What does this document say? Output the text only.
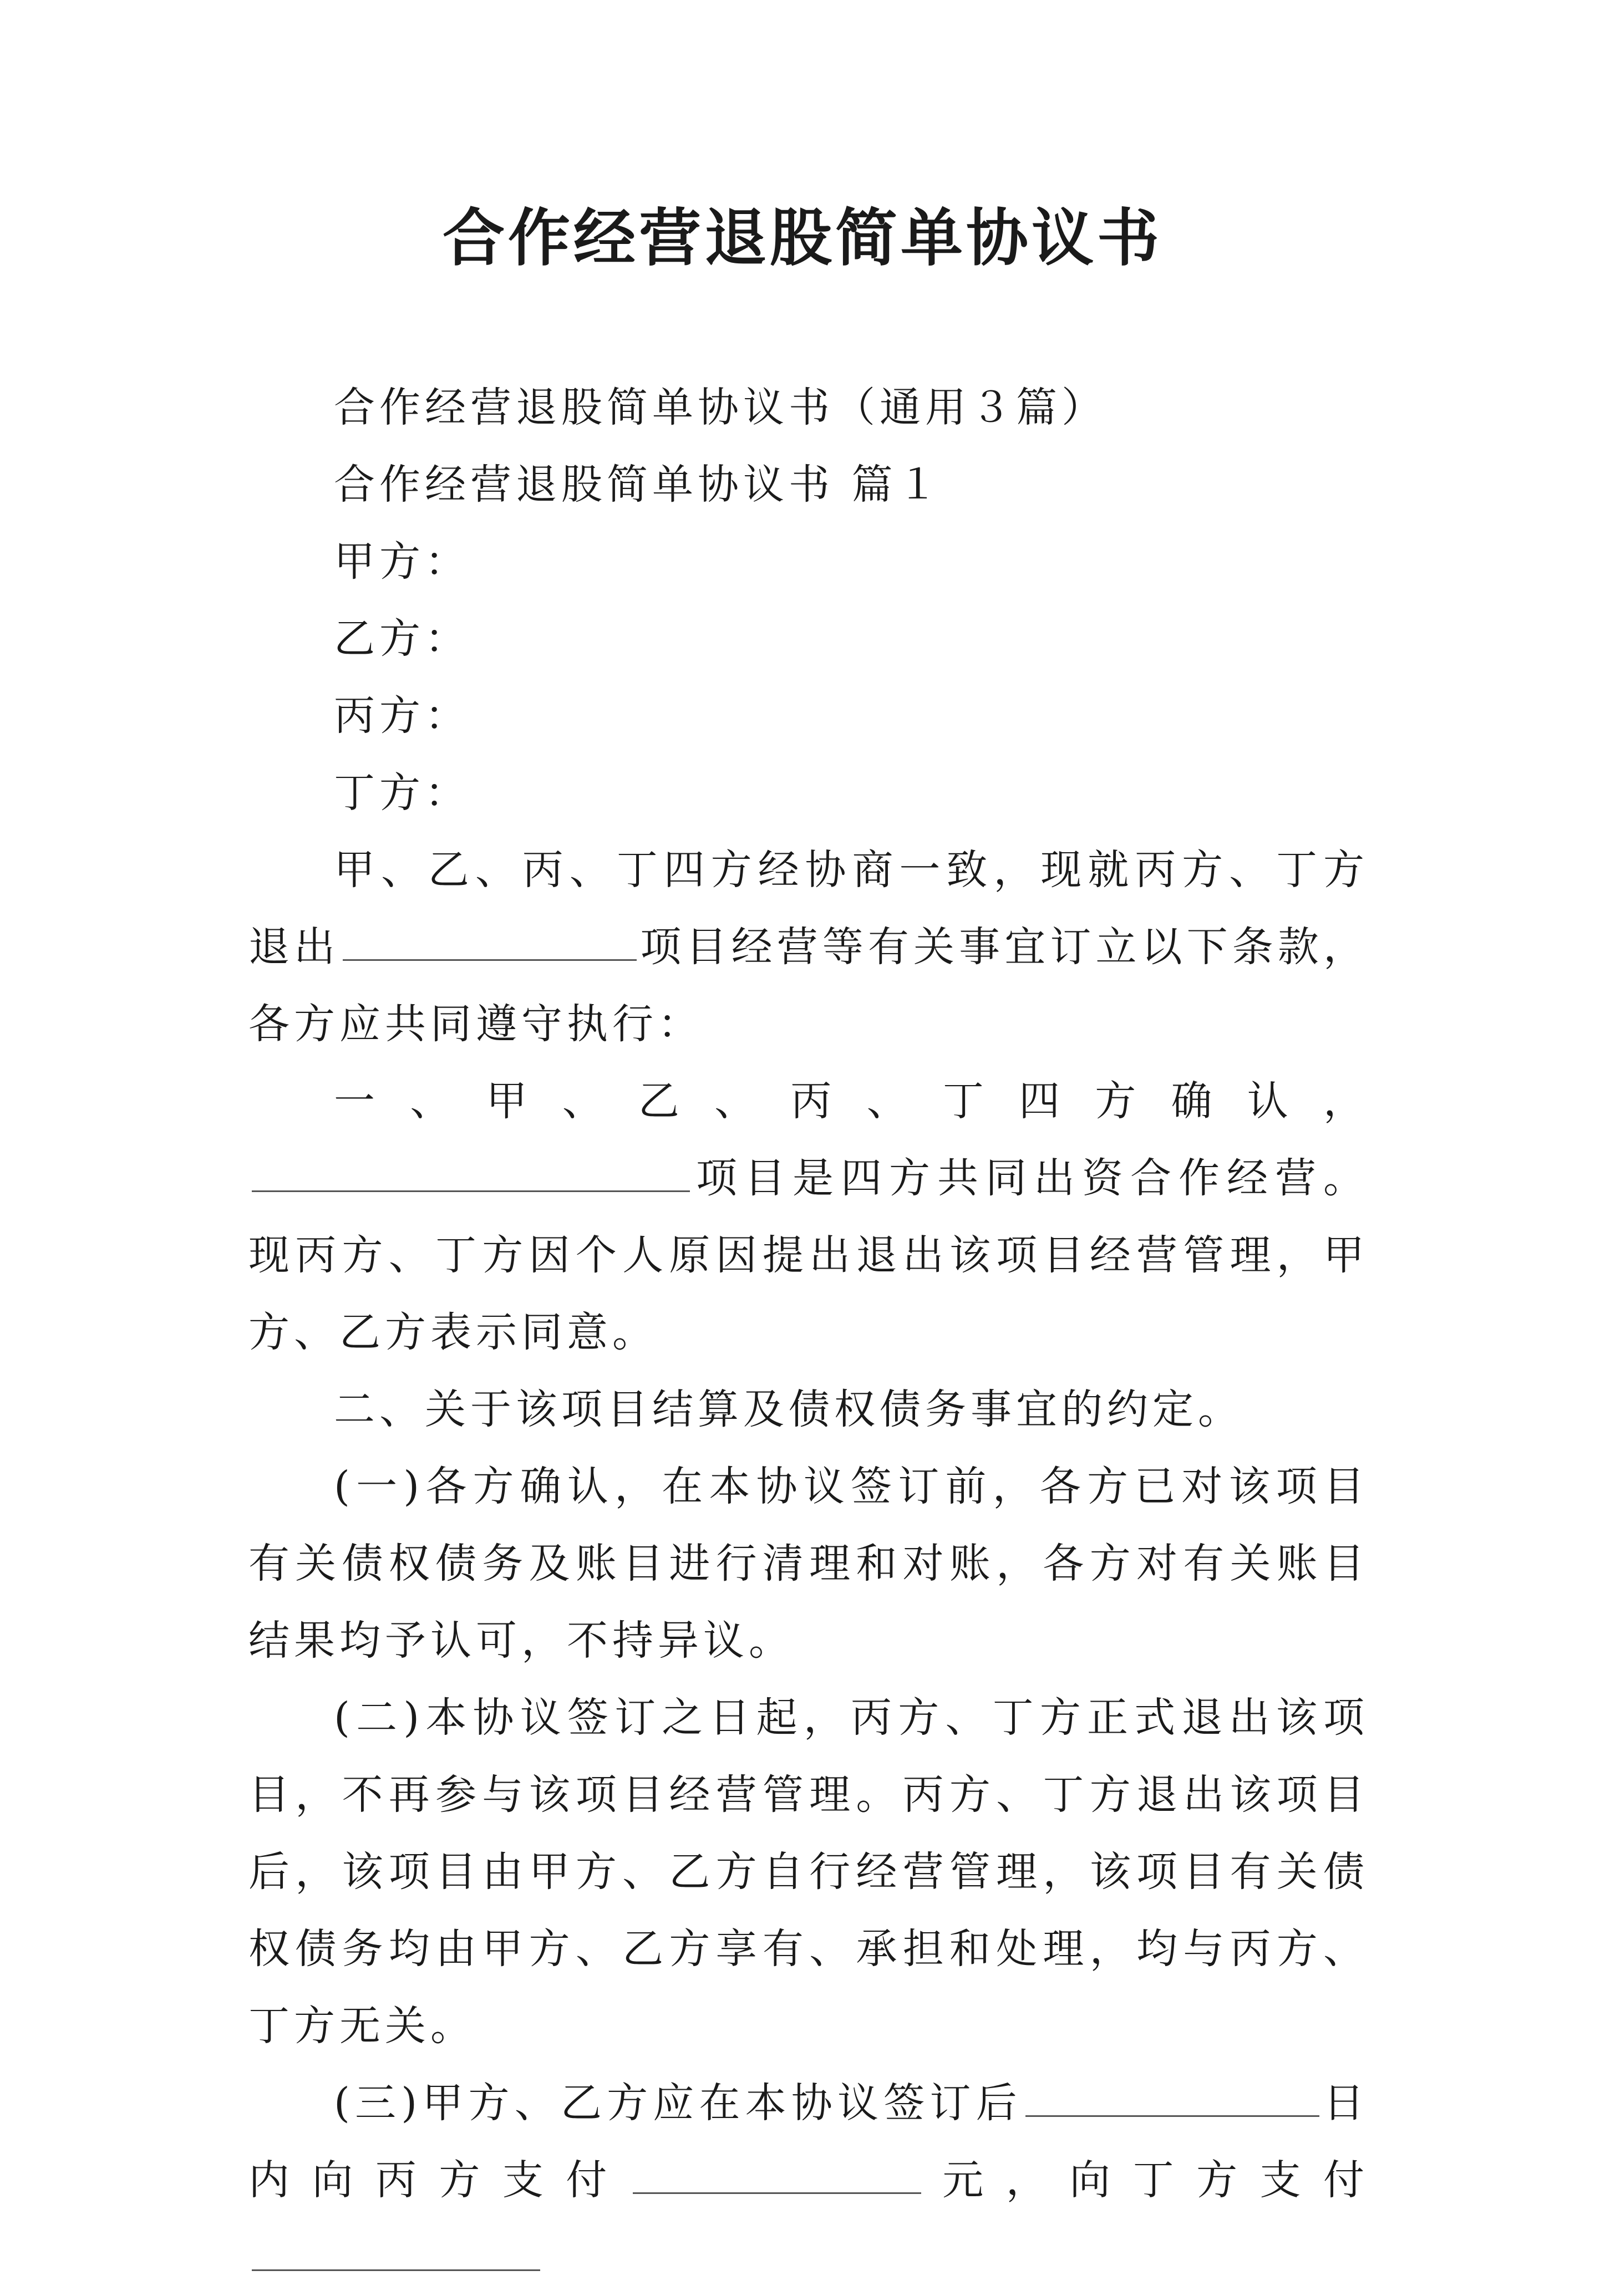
合作经营退股简单协议书

合作经营退股简单协议书（通用３篇）

合作经营退股简单协议书 篇１

甲方：

乙方：

丙方：

丁方：

甲、乙、丙、丁四方经协商一致，现就丙方、丁方退出	项目经营等有关事宜订立以下条款，各方应共同遵守执行：

一、甲、乙、丙、丁四方确认，项目是四方共同出资合作经营。现丙方、丁方因个人原因提出退出该项目经营管理，甲方、乙方表示同意。

二、关于该项目结算及债权债务事宜的约定。

(一)各方确认，在本协议签订前，各方已对该项目有关债权债务及账目进行清理和对账，各方对有关账目结果均予认可，不持异议。

(二)本协议签订之日起，丙方、丁方正式退出该项目，不再参与该项目经营管理。丙方、丁方退出该项目后，该项目由甲方、乙方自行经营管理，该项目有关债权债务均由甲方、乙方享有、承担和处理，均与丙方、丁方无关。

(三)甲方、乙方应在本协议签订后	日内向丙方支付	元，向丁方支付
